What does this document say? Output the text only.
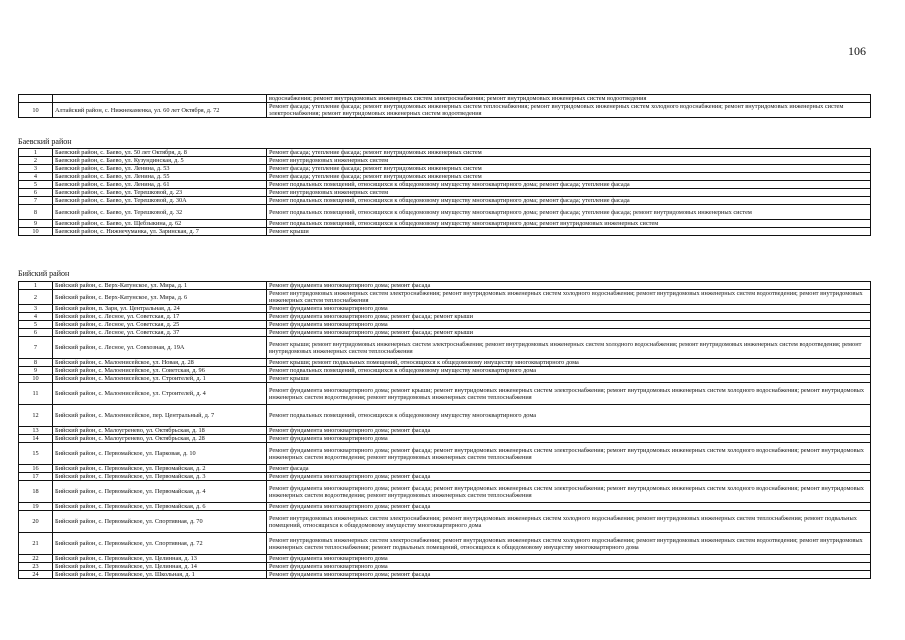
106
		водоснабжения; ремонт внутридомовых инженерных систем электроснабжения; ремонт внутридомовых инженерных систем водоотведения
10	Алтайский район, с. Нижнекаменка, ул. 60 лет Октября, д. 72	Ремонт фасада; утепление фасада; ремонт внутридомовых инженерных систем теплоснабжения; ремонт внутридомовых инженерных систем холодного водоснабжения; ремонт внутридомовых инженерных систем электроснабжения; ремонт внутридомовых инженерных систем водоотведения
Баевский район
1	Баевский район, с. Баево, ул. 50 лет Октября, д. 8	Ремонт фасада; утепление фасада; ремонт внутридомовых инженерных систем
2	Баевский район, с. Баево, ул. Кузундинская, д. 5	Ремонт внутридомовых инженерных систем
3	Баевский район, с. Баево, ул. Ленина, д. 53	Ремонт фасада; утепление фасада; ремонт внутридомовых инженерных систем
4	Баевский район, с. Баево, ул. Ленина, д. 55	Ремонт фасада; утепление фасада; ремонт внутридомовых инженерных систем
5	Баевский район, с. Баево, ул. Ленина, д. 61	Ремонт подвальных помещений, относящихся к общедомовому имуществу многоквартирного дома; ремонт фасада; утепление фасада
6	Баевский район, с. Баево, ул. Терешковой, д. 23	Ремонт внутридомовых инженерных систем
7	Баевский район, с. Баево, ул. Терешковой, д. 30А	Ремонт подвальных помещений, относящихся к общедомовому имуществу многоквартирного дома; ремонт фасада; утепление фасада
8	Баевский район, с. Баево, ул. Терешковой, д. 32	Ремонт подвальных помещений, относящихся к общедомовому имуществу многоквартирного дома; ремонт фасада; утепление фасада; ремонт внутридомовых инженерных систем
9	Баевский район, с. Баево, ул. Щебзыкина, д. 62	Ремонт подвальных помещений, относящихся к общедомовому имуществу многоквартирного дома; ремонт внутридомовых инженерных систем
10	Баевский район, с. Нижнечуманка, ул. Заринская, д. 7	Ремонт крыши
Бийский район
1	Бийский район, с. Верх-Катунское, ул. Мира, д. 1	Ремонт фундамента многоквартирного дома; ремонт фасада
2	Бийский район, с. Верх-Катунское, ул. Мира, д. 6	Ремонт внутридомовых инженерных систем электроснабжения; ремонт внутридомовых инженерных систем холодного водоснабжения; ремонт внутридомовых инженерных систем водоотведения; ремонт внутридомовых инженерных систем теплоснабжения
3	Бийский район, п. Заря, ул. Центральная, д. 24	Ремонт фундамента многоквартирного дома
4	Бийский район, с. Лесное, ул. Советская, д. 17	Ремонт фундамента многоквартирного дома; ремонт фасада; ремонт крыши
5	Бийский район, с. Лесное, ул. Советская, д. 25	Ремонт фундамента многоквартирного дома
6	Бийский район, с. Лесное, ул. Советская, д. 37	Ремонт фундамента многоквартирного дома; ремонт фасада; ремонт крыши
7	Бийский район, с. Лесное, ул. Совхозная, д. 19А	Ремонт крыши; ремонт внутридомовых инженерных систем электроснабжения; ремонт внутридомовых инженерных систем холодного водоснабжения; ремонт внутридомовых инженерных систем водоотведения; ремонт внутридомовых инженерных систем теплоснабжения
8	Бийский район, с. Малоенисейское, ул. Новая, д. 28	Ремонт крыши; ремонт подвальных помещений, относящихся к общедомовому имуществу многоквартирного дома
9	Бийский район, с. Малоенисейское, ул. Советская, д. 96	Ремонт подвальных помещений, относящихся к общедомовому имуществу многоквартирного дома
10	Бийский район, с. Малоенисейское, ул. Строителей, д. 1	Ремонт крыши
11	Бийский район, с. Малоенисейское, ул. Строителей, д. 4	Ремонт фундамента многоквартирного дома; ремонт крыши; ремонт внутридомовых инженерных систем электроснабжения; ремонт внутридомовых инженерных систем холодного водоснабжения; ремонт внутридомовых инженерных систем водоотведения; ремонт внутридомовых инженерных систем теплоснабжения
12	Бийский район, с. Малоенисейское, пер. Центральный, д. 7	Ремонт подвальных помещений, относящихся к общедомовому имуществу многоквартирного дома
13	Бийский район, с. Малоугренево, ул. Октябрьская, д. 18	Ремонт фундамента многоквартирного дома; ремонт фасада
14	Бийский район, с. Малоугренево, ул. Октябрьская, д. 28	Ремонт фундамента многоквартирного дома
15	Бийский район, с. Первомайское, ул. Парковая, д. 10	Ремонт фундамента многоквартирного дома; ремонт фасада; ремонт внутридомовых инженерных систем электроснабжения; ремонт внутридомовых инженерных систем холодного водоснабжения; ремонт внутридомовых инженерных систем водоотведения; ремонт внутридомовых инженерных систем теплоснабжения
16	Бийский район, с. Первомайское, ул. Первомайская, д. 2	Ремонт фасада
17	Бийский район, с. Первомайское, ул. Первомайская, д. 3	Ремонт фундамента многоквартирного дома; ремонт фасада
18	Бийский район, с. Первомайское, ул. Первомайская, д. 4	Ремонт фундамента многоквартирного дома; ремонт фасада; ремонт внутридомовых инженерных систем электроснабжения; ремонт внутридомовых инженерных систем холодного водоснабжения; ремонт внутридомовых инженерных систем водоотведения; ремонт внутридомовых инженерных систем теплоснабжения
19	Бийский район, с. Первомайское, ул. Первомайская, д. 6	Ремонт фундамента многоквартирного дома; ремонт фасада
20	Бийский район, с. Первомайское, ул. Спортивная, д. 70	Ремонт внутридомовых инженерных систем электроснабжения; ремонт внутридомовых инженерных систем холодного водоснабжения; ремонт внутридомовых инженерных систем теплоснабжения; ремонт подвальных помещений, относящихся к общедомовому имуществу многоквартирного дома
21	Бийский район, с. Первомайское, ул. Спортивная, д. 72	Ремонт внутридомовых инженерных систем электроснабжения; ремонт внутридомовых инженерных систем холодного водоснабжения; ремонт внутридомовых инженерных систем водоотведения; ремонт внутридомовых инженерных систем теплоснабжения; ремонт подвальных помещений, относящихся к общедомовому имуществу многоквартирного дома
22	Бийский район, с. Первомайское, ул. Целинная, д. 13	Ремонт фундамента многоквартирного дома
23	Бийский район, с. Первомайское, ул. Целинная, д. 14	Ремонт фундамента многоквартирного дома
24	Бийский район, с. Первомайское, ул. Школьная, д. 1	Ремонт фундамента многоквартирного дома; ремонт фасада
